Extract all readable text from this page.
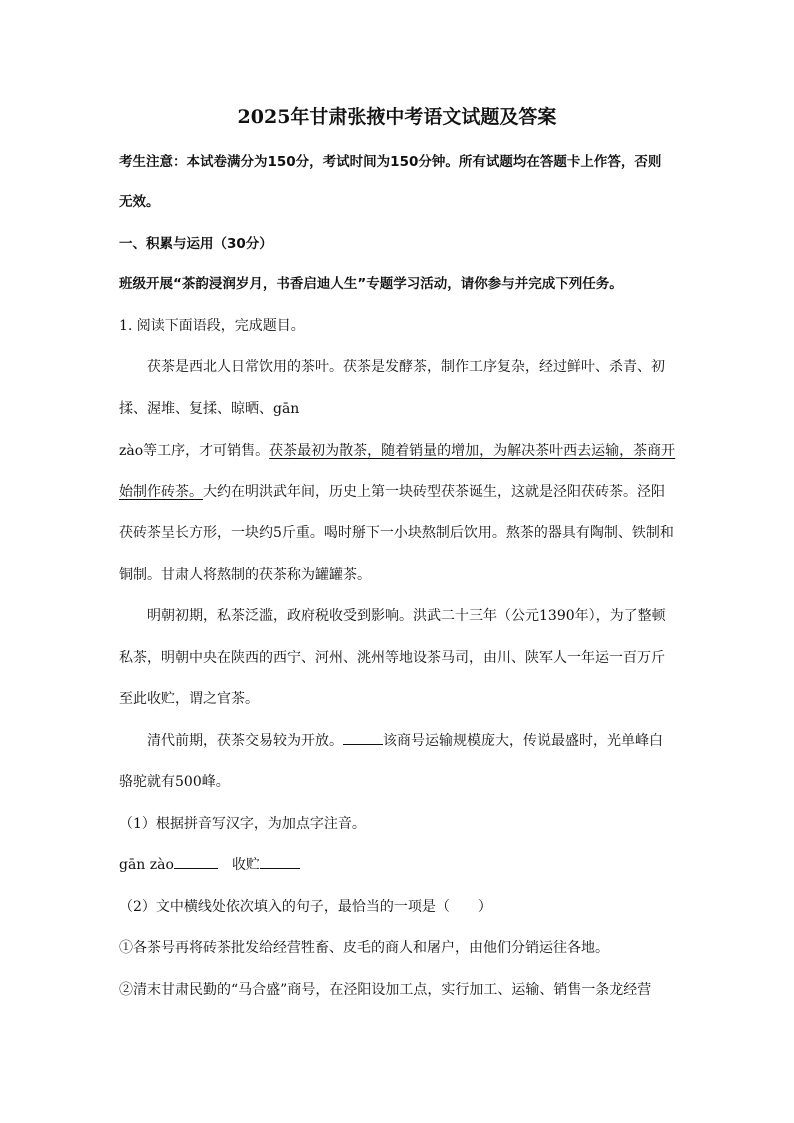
2025年甘肃张掖中考语文试题及答案
考生注意：本试卷满分为150分，考试时间为150分钟。所有试题均在答题卡上作答，否则
无效。
一、积累与运用（30分）
班级开展“茶韵浸润岁月，书香启迪人生”专题学习活动，请你参与并完成下列任务。
1. 阅读下面语段，完成题目。
茯茶是西北人日常饮用的茶叶。茯茶是发酵茶，制作工序复杂，经过鲜叶、杀青、初
揉、渥堆、复揉、晾晒、gān
zào等工序，才可销售。茯茶最初为散茶，随着销量的增加，为解决茶叶西去运输，茶商开
始制作砖茶。大约在明洪武年间，历史上第一块砖型茯茶诞生，这就是泾阳茯砖茶。泾阳
茯砖茶呈长方形，一块约5斤重。喝时掰下一小块熬制后饮用。熬茶的器具有陶制、铁制和
铜制。甘肃人将熬制的茯茶称为罐罐茶。
明朝初期，私茶泛滥，政府税收受到影响。洪武二十三年（公元1390年），为了整顿
私茶，明朝中央在陕西的西宁、河州、洮州等地设茶马司，由川、陕军人一年运一百万斤
至此收贮，谓之官茶。
清代前期，茯茶交易较为开放。	该商号运输规模庞大，传说最盛时，光单峰白
骆驼就有500峰。
（1）根据拼音写汉字，为加点字注音。
gān zào	收贮
（2）文中横线处依次填入的句子，最恰当的一项是（　　）
①各茶号再将砖茶批发给经营牲畜、皮毛的商人和屠户，由他们分销运往各地。
②清末甘肃民勤的“马合盛”商号，在泾阳设加工点，实行加工、运输、销售一条龙经营
